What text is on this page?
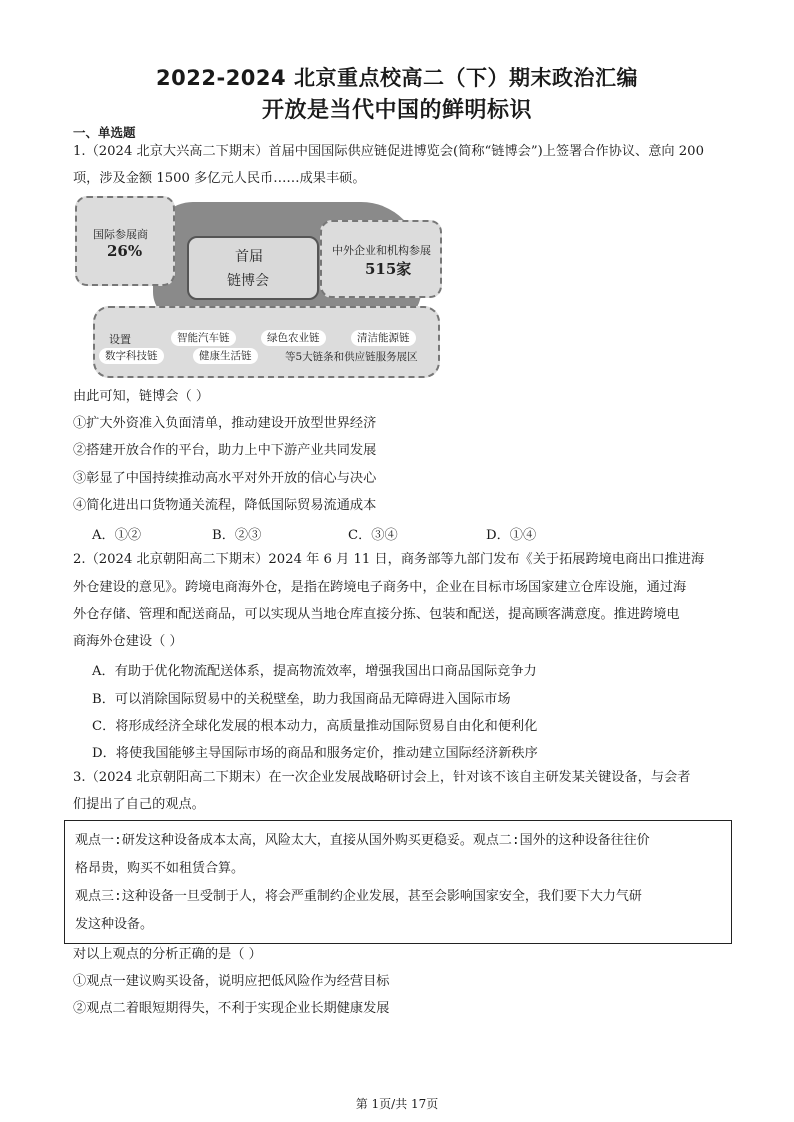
2022-2024 北京重点校高二（下）期末政治汇编
开放是当代中国的鲜明标识
一、单选题
1.（2024 北京大兴高二下期末）首届中国国际供应链促进博览会(简称“链博会”)上签署合作协议、意向 200
项，涉及金额 1500 多亿元人民币……成果丰硕。
国际参展商
26%	首届
链博会
中外企业和机构参展
515家
设置	智能汽车链	绿色农业链	清洁能源链
数字科技链	健康生活链	等5大链条和供应链服务展区
由此可知，链博会（ ）
①扩大外资准入负面清单，推动建设开放型世界经济
②搭建开放合作的平台，助力上中下游产业共同发展
③彰显了中国持续推动高水平对外开放的信心与决心
④简化进出口货物通关流程，降低国际贸易流通成本
A．①②	B．②③	C．③④	D．①④
2.（2024 北京朝阳高二下期末）2024 年 6 月 11 日，商务部等九部门发布《关于拓展跨境电商出口推进海
外仓建设的意见》。跨境电商海外仓，是指在跨境电子商务中，企业在目标市场国家建立仓库设施，通过海
外仓存储、管理和配送商品，可以实现从当地仓库直接分拣、包装和配送，提高顾客满意度。推进跨境电
商海外仓建设（ ）
A．有助于优化物流配送体系，提高物流效率，增强我国出口商品国际竞争力
B．可以消除国际贸易中的关税壁垒，助力我国商品无障碍进入国际市场
C．将形成经济全球化发展的根本动力，高质量推动国际贸易自由化和便利化
D．将使我国能够主导国际市场的商品和服务定价，推动建立国际经济新秩序
3.（2024 北京朝阳高二下期末）在一次企业发展战略研讨会上，针对该不该自主研发某关键设备，与会者
们提出了自己的观点。
观点一:研发这种设备成本太高，风险太大，直接从国外购买更稳妥。观点二:国外的这种设备往往价
格昂贵，购买不如租赁合算。
观点三:这种设备一旦受制于人，将会严重制约企业发展，甚至会影响国家安全，我们要下大力气研
发这种设备。
对以上观点的分析正确的是（ ）
①观点一建议购买设备，说明应把低风险作为经营目标
②观点二着眼短期得失，不利于实现企业长期健康发展
第 1页/共 17页
